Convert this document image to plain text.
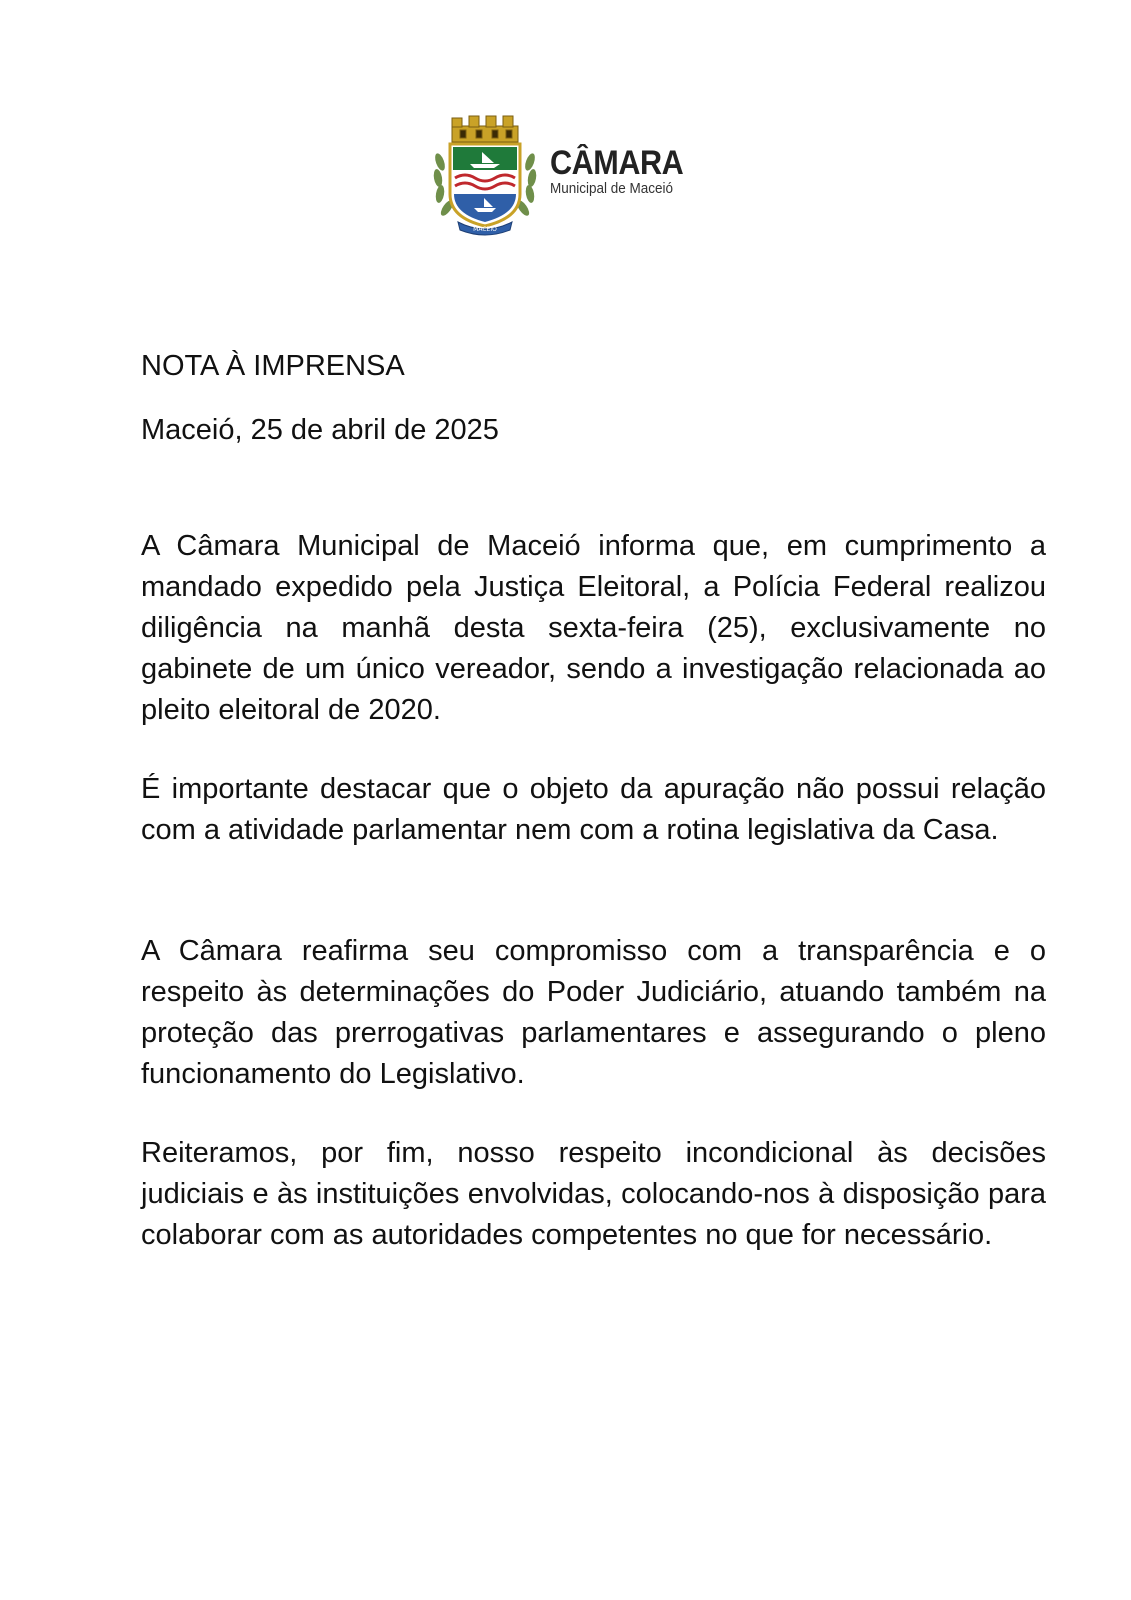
MACEIÓ
CÂMARA
Municipal de Maceió
NOTA À IMPRENSA
Maceió, 25 de abril de 2025

A Câmara Municipal de Maceió informa que, em cumprimento a mandado expedido pela Justiça Eleitoral, a Polícia Federal realizou diligência na manhã desta sexta-feira (25), exclusivamente no gabinete de um único vereador, sendo a investigação relacionada ao pleito eleitoral de 2020.

É importante destacar que o objeto da apuração não possui relação com a atividade parlamentar nem com a rotina legislativa da Casa.

A Câmara reafirma seu compromisso com a transparência e o respeito às determinações do Poder Judiciário, atuando também na proteção das prerrogativas parlamentares e assegurando o pleno funcionamento do Legislativo.

Reiteramos, por fim, nosso respeito incondicional às decisões judiciais e às instituições envolvidas, colocando-nos à disposição para colaborar com as autoridades competentes no que for necessário.
